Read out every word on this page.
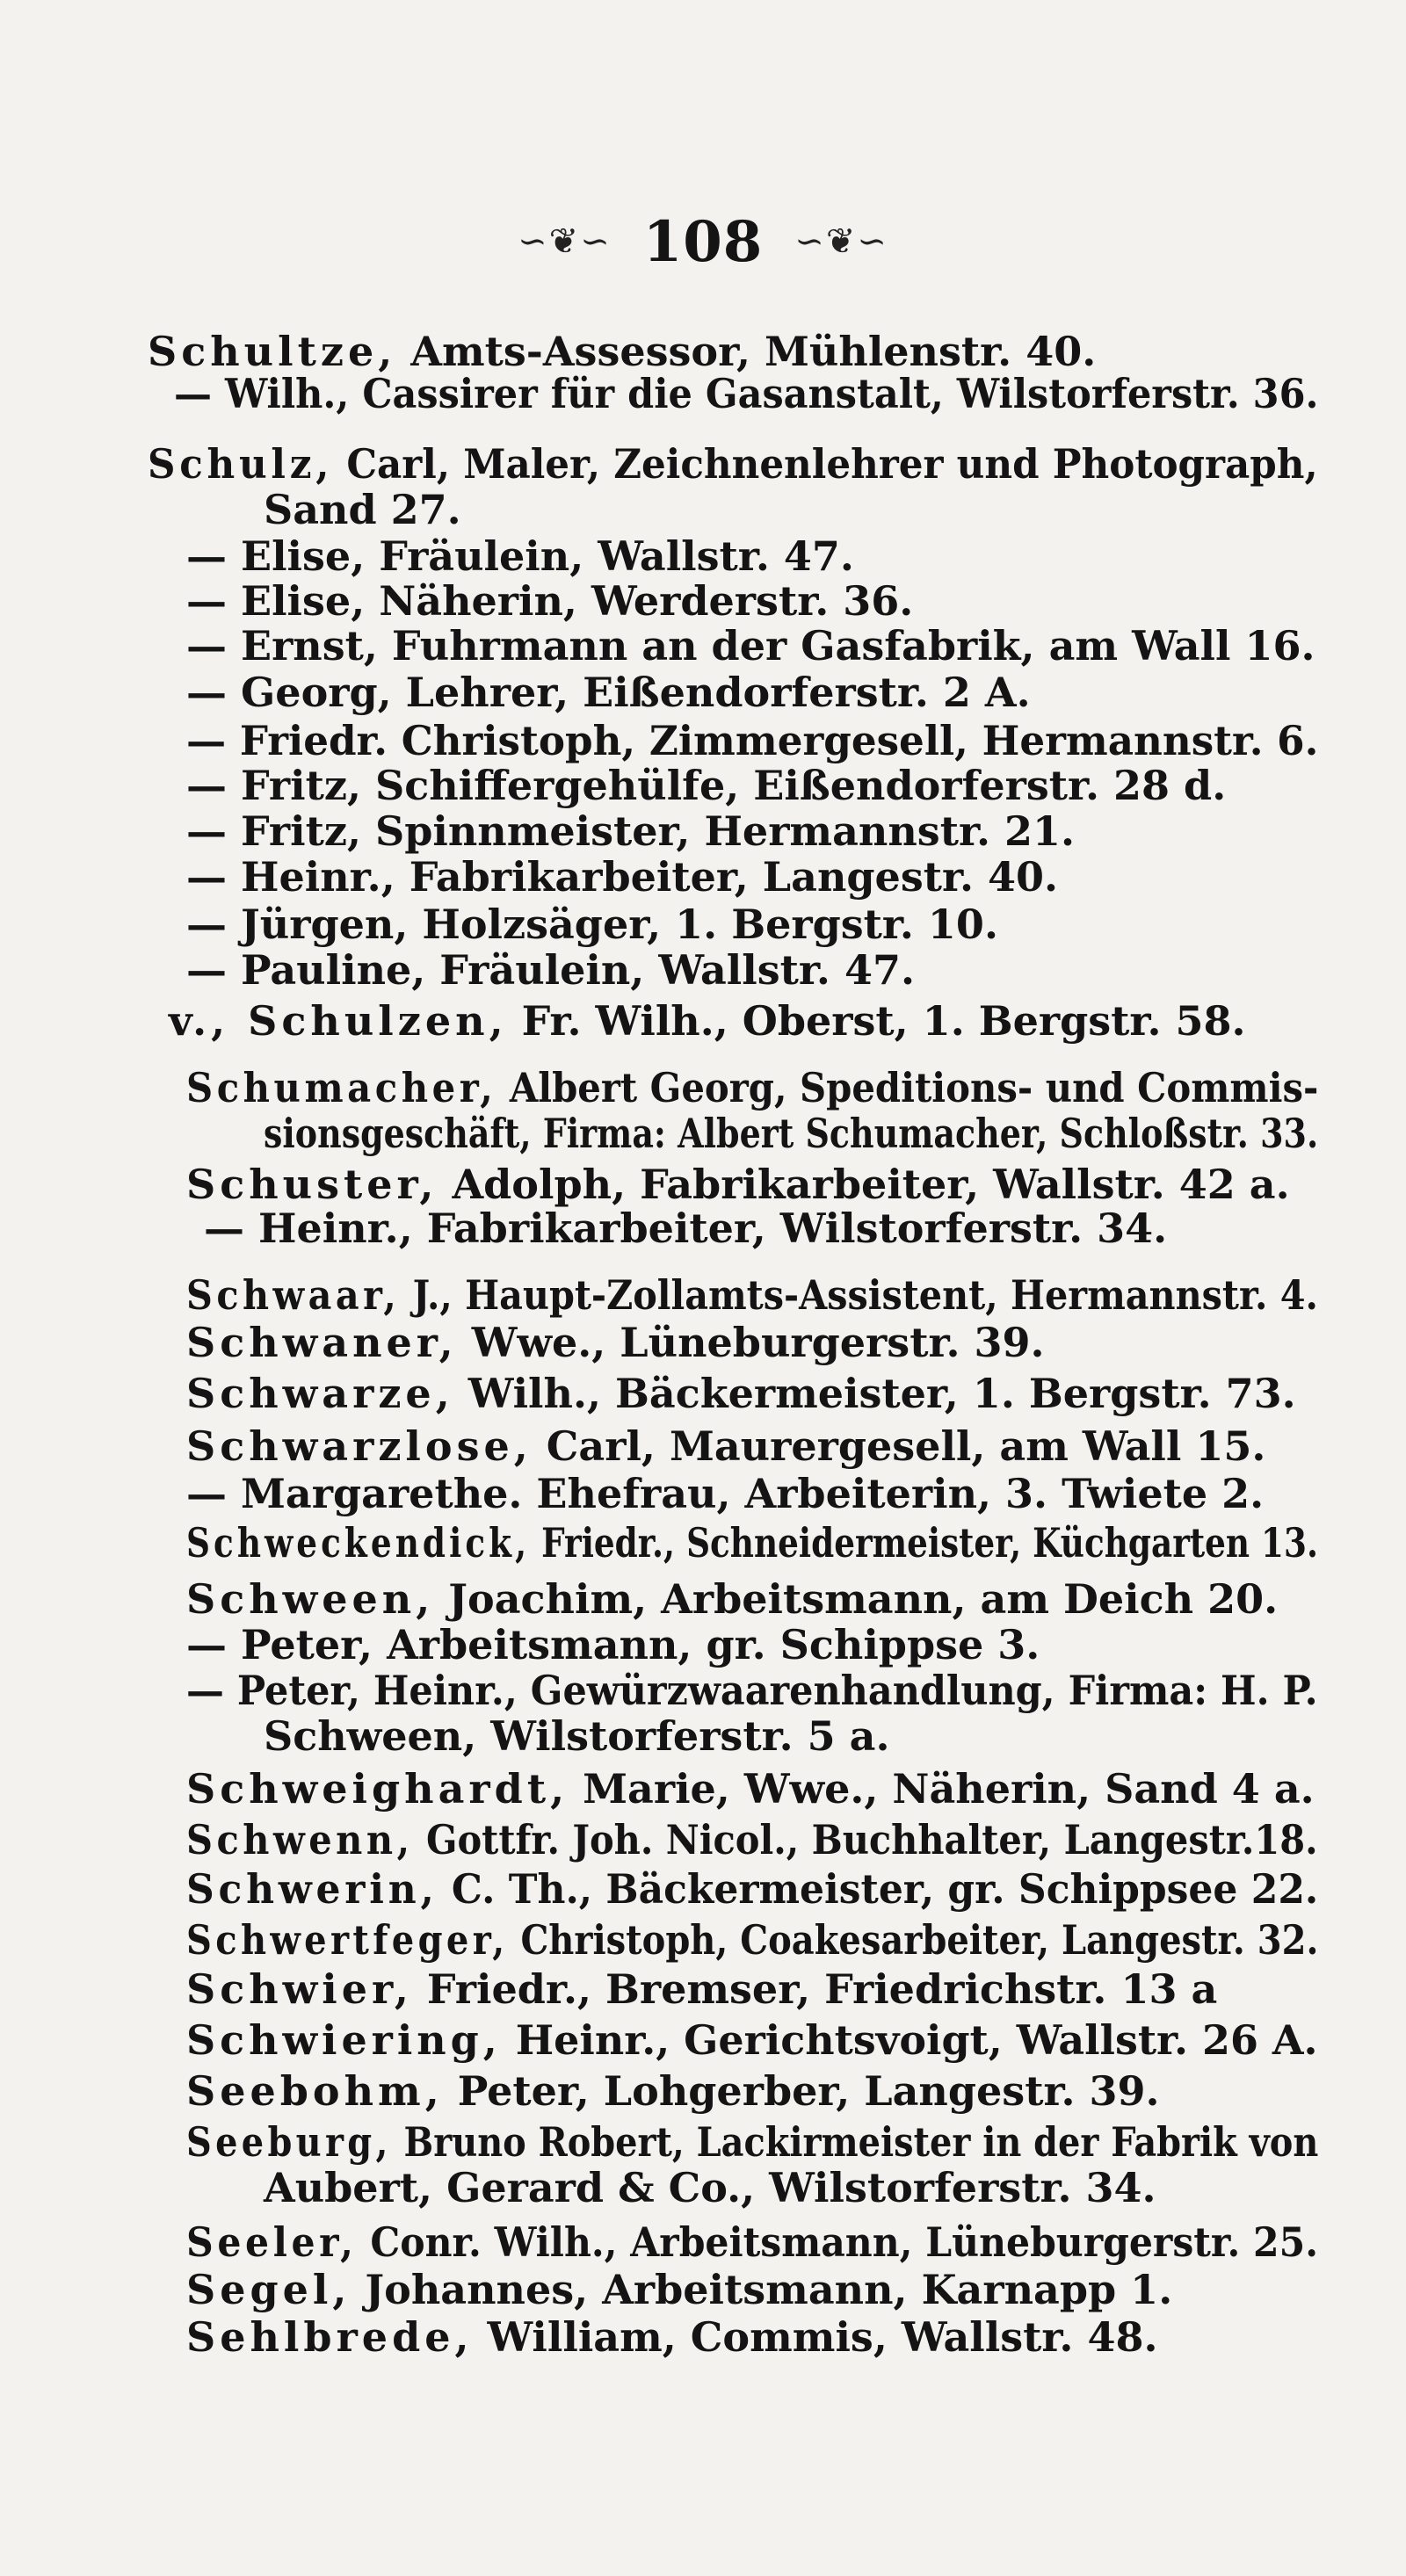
∽❦∽ 108 ∽❦∽
Schultze, Amts-Assessor, Mühlenstr. 40.
— Wilh., Cassirer für die Gasanstalt, Wilstorferstr. 36.
Schulz, Carl, Maler, Zeichnenlehrer und Photograph,
Sand 27.
— Elise, Fräulein, Wallstr. 47.
— Elise, Näherin, Werderstr. 36.
— Ernst, Fuhrmann an der Gasfabrik, am Wall 16.
— Georg, Lehrer, Eißendorferstr. 2 A.
— Friedr. Christoph, Zimmergesell, Hermannstr. 6.
— Fritz, Schiffergehülfe, Eißendorferstr. 28 d.
— Fritz, Spinnmeister, Hermannstr. 21.
— Heinr., Fabrikarbeiter, Langestr. 40.
— Jürgen, Holzsäger, 1. Bergstr. 10.
— Pauline, Fräulein, Wallstr. 47.
v., Schulzen, Fr. Wilh., Oberst, 1. Bergstr. 58.
Schumacher, Albert Georg, Speditions- und Commis-
sionsgeschäft, Firma: Albert Schumacher, Schloßstr. 33.
Schuster, Adolph, Fabrikarbeiter, Wallstr. 42 a.
— Heinr., Fabrikarbeiter, Wilstorferstr. 34.
Schwaar, J., Haupt-Zollamts-Assistent, Hermannstr. 4.
Schwaner, Wwe., Lüneburgerstr. 39.
Schwarze, Wilh., Bäckermeister, 1. Bergstr. 73.
Schwarzlose, Carl, Maurergesell, am Wall 15.
— Margarethe. Ehefrau, Arbeiterin, 3. Twiete 2.
Schweckendick, Friedr., Schneidermeister, Küchgarten 13.
Schween, Joachim, Arbeitsmann, am Deich 20.
— Peter, Arbeitsmann, gr. Schippse 3.
— Peter, Heinr., Gewürzwaarenhandlung, Firma: H. P.
Schween, Wilstorferstr. 5 a.
Schweighardt, Marie, Wwe., Näherin, Sand 4 a.
Schwenn, Gottfr. Joh. Nicol., Buchhalter, Langestr.18.
Schwerin, C. Th., Bäckermeister, gr. Schippsee 22.
Schwertfeger, Christoph, Coakesarbeiter, Langestr. 32.
Schwier, Friedr., Bremser, Friedrichstr. 13 a
Schwiering, Heinr., Gerichtsvoigt, Wallstr. 26 A.
Seebohm, Peter, Lohgerber, Langestr. 39.
Seeburg, Bruno Robert, Lackirmeister in der Fabrik von
Aubert, Gerard & Co., Wilstorferstr. 34.
Seeler, Conr. Wilh., Arbeitsmann, Lüneburgerstr. 25.
Segel, Johannes, Arbeitsmann, Karnapp 1.
Sehlbrede, William, Commis, Wallstr. 48.
